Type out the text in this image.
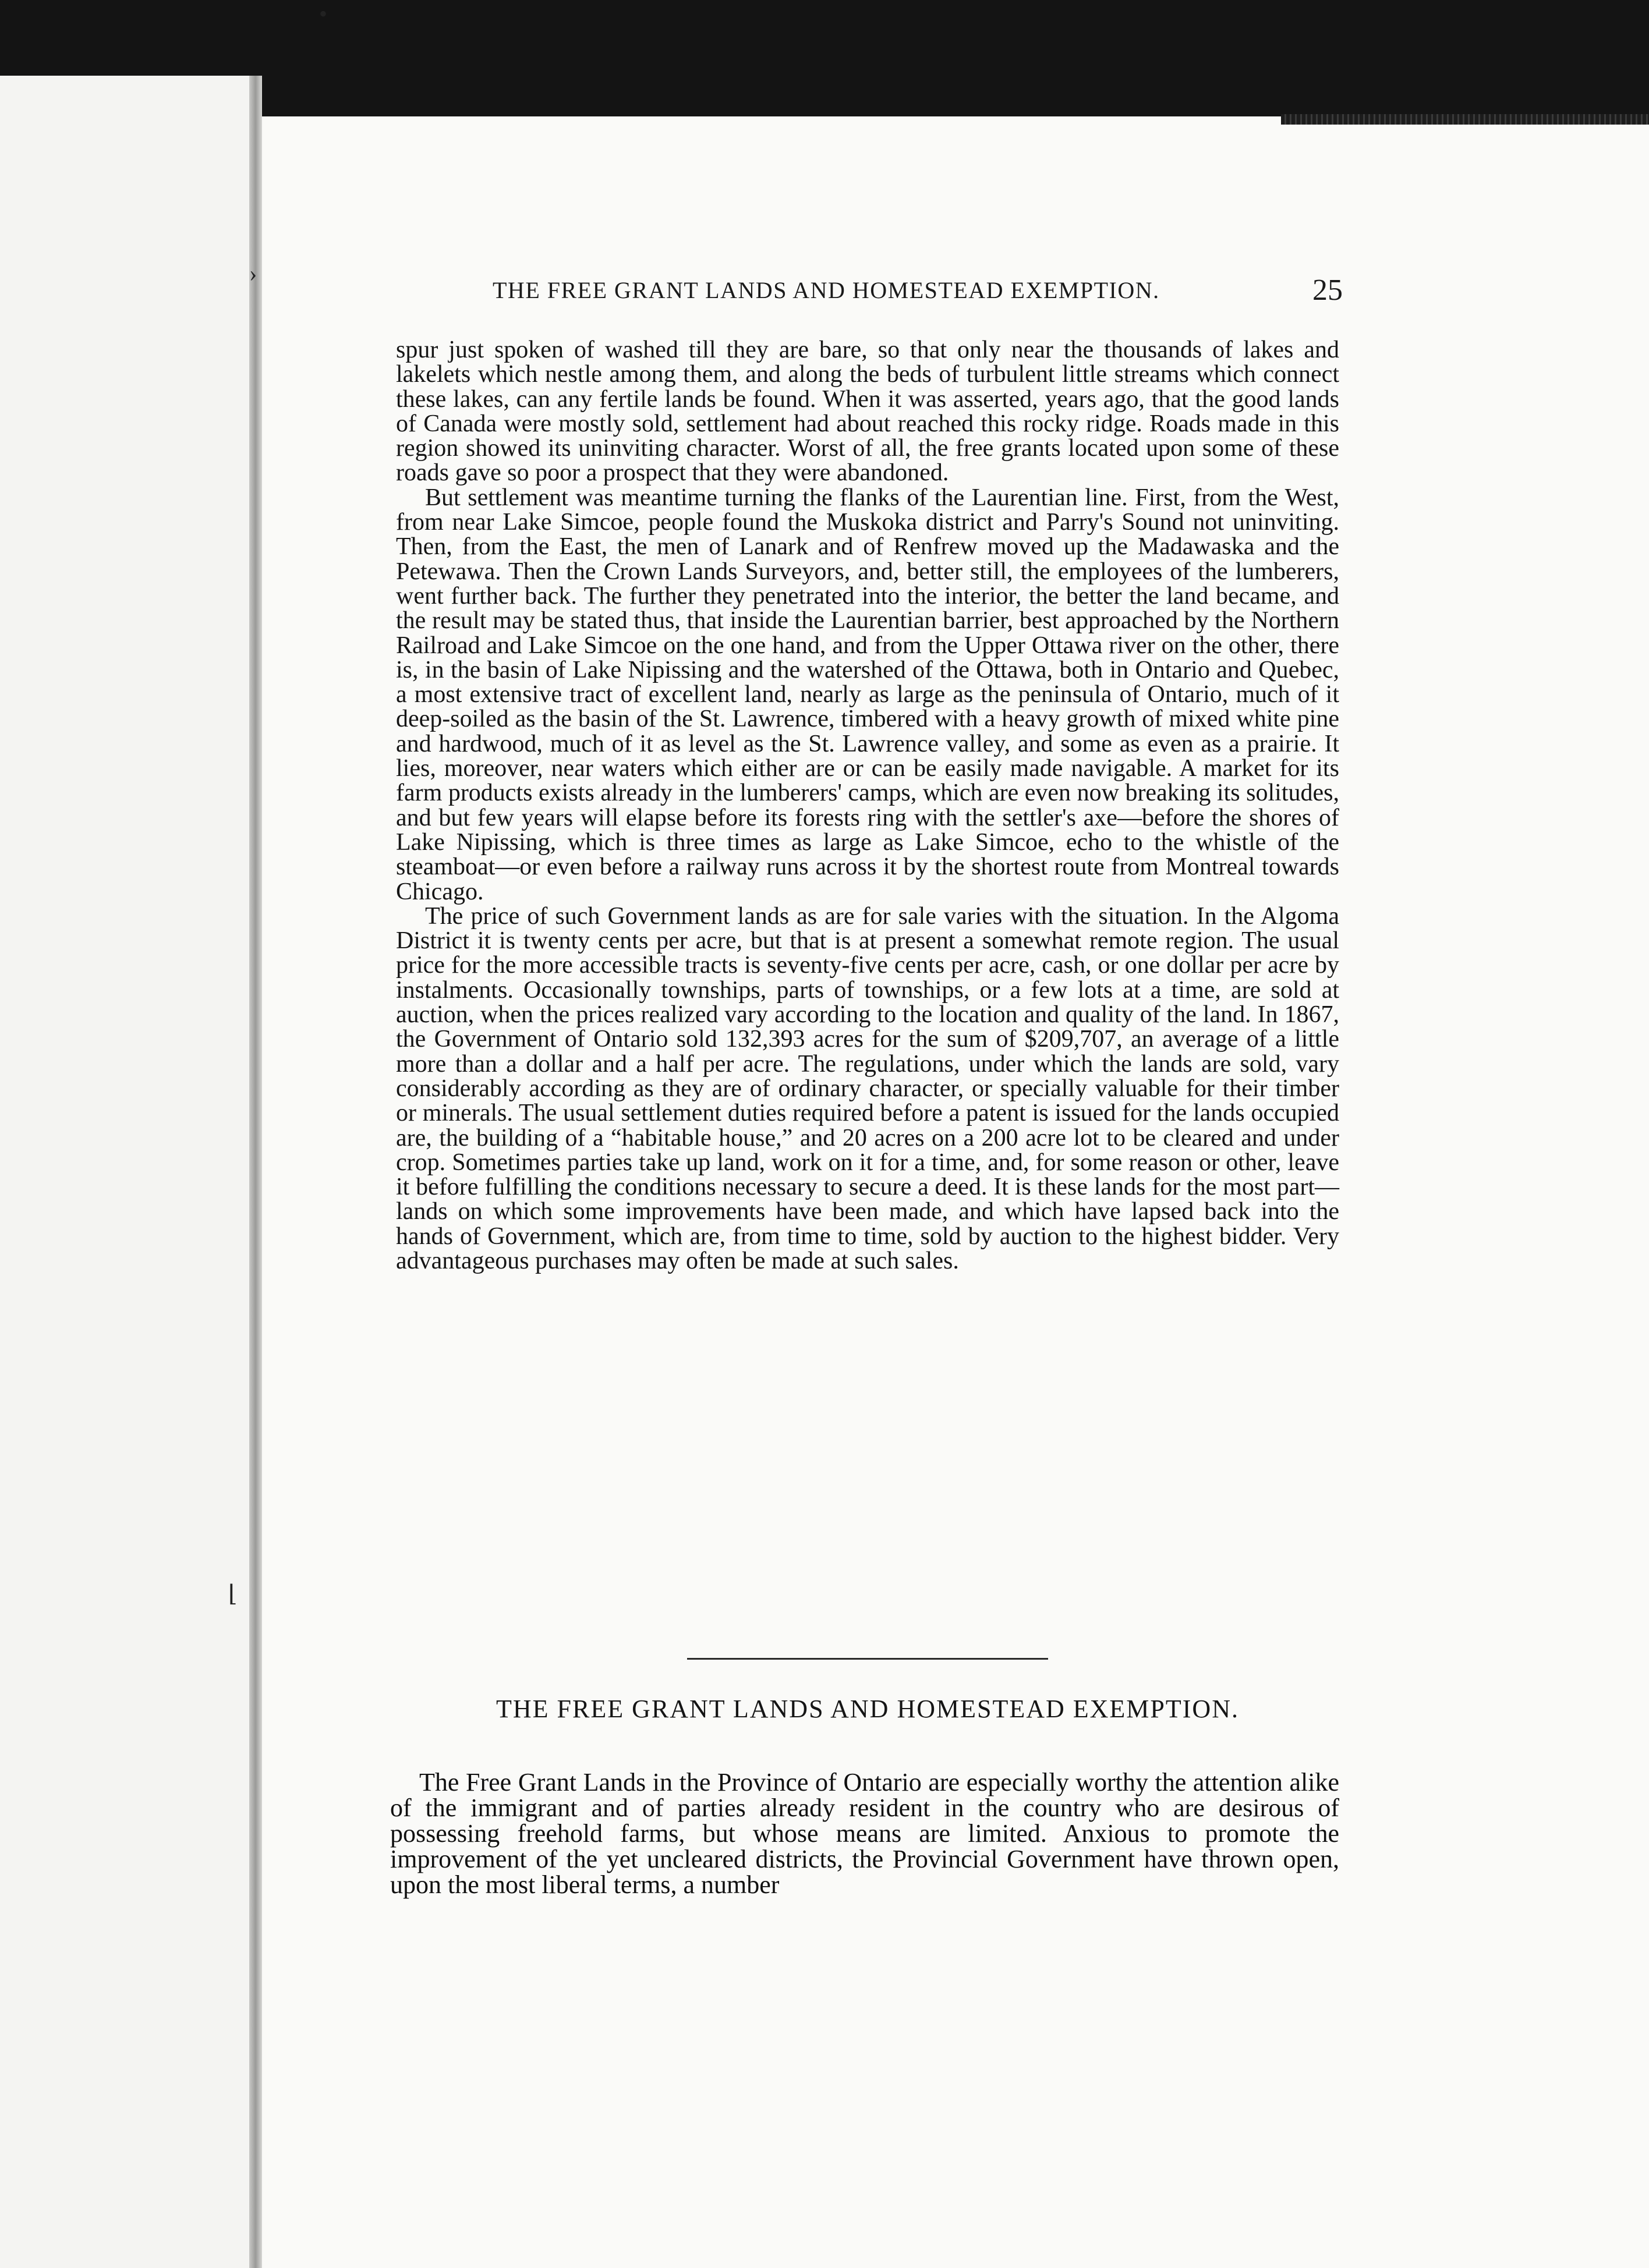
•
›
⌊
THE FREE GRANT LANDS AND HOMESTEAD EXEMPTION.	25

spur just spoken of washed till they are bare, so that only near the thousands of lakes and lakelets which nestle among them, and along the beds of turbulent little streams which connect these lakes, can any fertile lands be found. When it was asserted, years ago, that the good lands of Canada were mostly sold, settlement had about reached this rocky ridge. Roads made in this region showed its uninviting character. Worst of all, the free grants located upon some of these roads gave so poor a prospect that they were abandoned.

But settlement was meantime turning the flanks of the Laurentian line. First, from the West, from near Lake Simcoe, people found the Muskoka district and Parry's Sound not uninviting. Then, from the East, the men of Lanark and of Renfrew moved up the Madawaska and the Petewawa. Then the Crown Lands Surveyors, and, better still, the employees of the lumberers, went further back. The further they penetrated into the interior, the better the land became, and the result may be stated thus, that inside the Laurentian barrier, best approached by the Northern Railroad and Lake Simcoe on the one hand, and from the Upper Ottawa river on the other, there is, in the basin of Lake Nipissing and the watershed of the Ottawa, both in Ontario and Quebec, a most extensive tract of excellent land, nearly as large as the peninsula of Ontario, much of it deep-soiled as the basin of the St. Lawrence, timbered with a heavy growth of mixed white pine and hardwood, much of it as level as the St. Lawrence valley, and some as even as a prairie. It lies, moreover, near waters which either are or can be easily made navigable. A market for its farm products exists already in the lumberers' camps, which are even now breaking its solitudes, and but few years will elapse before its forests ring with the settler's axe—before the shores of Lake Nipissing, which is three times as large as Lake Simcoe, echo to the whistle of the steamboat—or even before a railway runs across it by the shortest route from Montreal towards Chicago.

The price of such Government lands as are for sale varies with the situation. In the Algoma District it is twenty cents per acre, but that is at present a somewhat remote region. The usual price for the more accessible tracts is seventy-five cents per acre, cash, or one dollar per acre by instalments. Occasionally townships, parts of townships, or a few lots at a time, are sold at auction, when the prices realized vary according to the location and quality of the land. In 1867, the Government of Ontario sold 132,393 acres for the sum of $209,707, an average of a little more than a dollar and a half per acre. The regulations, under which the lands are sold, vary considerably according as they are of ordinary character, or specially valuable for their timber or minerals. The usual settlement duties required before a patent is issued for the lands occupied are, the building of a “habitable house,” and 20 acres on a 200 acre lot to be cleared and under crop. Sometimes parties take up land, work on it for a time, and, for some reason or other, leave it before fulfilling the conditions necessary to secure a deed. It is these lands for the most part—lands on which some improvements have been made, and which have lapsed back into the hands of Government, which are, from time to time, sold by auction to the highest bidder. Very advantageous purchases may often be made at such sales.

THE FREE GRANT LANDS AND HOMESTEAD EXEMPTION.

The Free Grant Lands in the Province of Ontario are especially worthy the attention alike of the immigrant and of parties already resident in the country who are desirous of possessing freehold farms, but whose means are limited. Anxious to promote the improvement of the yet uncleared districts, the Provincial Government have thrown open, upon the most liberal terms, a number
